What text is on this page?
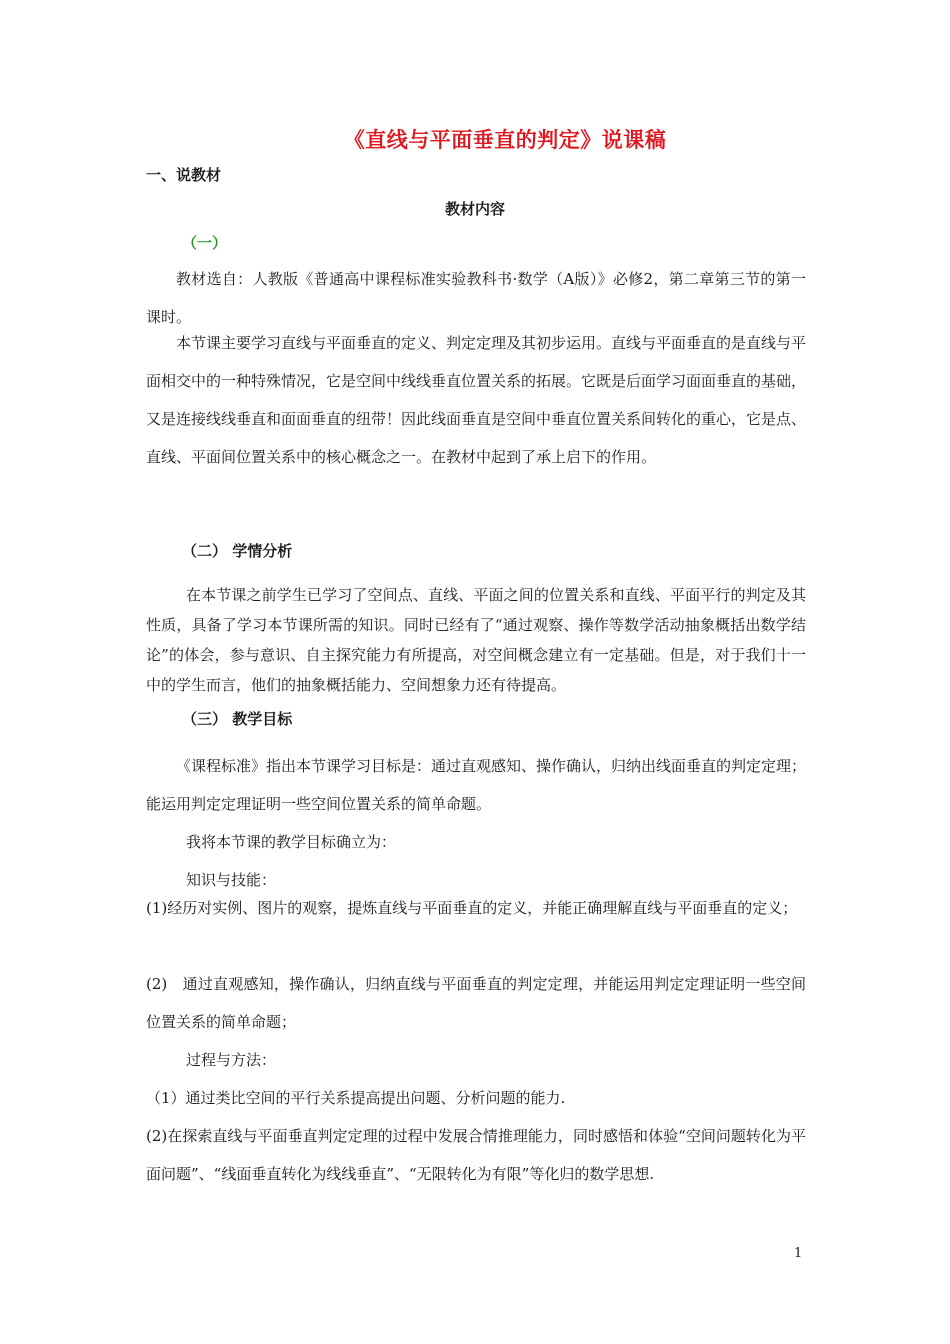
《直线与平面垂直的判定》说课稿
一、说教材
教材内容
（一）

教材选自：人教版《普通高中课程标准实验教科书·数学（A版）》必修2，第二章第三节的第一课时。

本节课主要学习直线与平面垂直的定义、判定定理及其初步运用。直线与平面垂直的是直线与平面相交中的一种特殊情况，它是空间中线线垂直位置关系的拓展。它既是后面学习面面垂直的基础，又是连接线线垂直和面面垂直的纽带！因此线面垂直是空间中垂直位置关系间转化的重心，它是点、直线、平面间位置关系中的核心概念之一。在教材中起到了承上启下的作用。

（二） 学情分析

在本节课之前学生已学习了空间点、直线、平面之间的位置关系和直线、平面平行的判定及其性质，具备了学习本节课所需的知识。同时已经有了“通过观察、操作等数学活动抽象概括出数学结论”的体会，参与意识、自主探究能力有所提高，对空间概念建立有一定基础。但是，对于我们十一中的学生而言，他们的抽象概括能力、空间想象力还有待提高。

（三） 教学目标

《课程标准》指出本节课学习目标是：通过直观感知、操作确认，归纳出线面垂直的判定定理；能运用判定定理证明一些空间位置关系的简单命题。

我将本节课的教学目标确立为：
知识与技能：

(1)经历对实例、图片的观察，提炼直线与平面垂直的定义，并能正确理解直线与平面垂直的定义；

(2)　通过直观感知，操作确认，归纳直线与平面垂直的判定定理，并能运用判定定理证明一些空间位置关系的简单命题；

过程与方法：
（1）通过类比空间的平行关系提高提出问题、分析问题的能力.

(2)在探索直线与平面垂直判定定理的过程中发展合情推理能力，同时感悟和体验“空间问题转化为平面问题”、“线面垂直转化为线线垂直”、“无限转化为有限”等化归的数学思想.

1
